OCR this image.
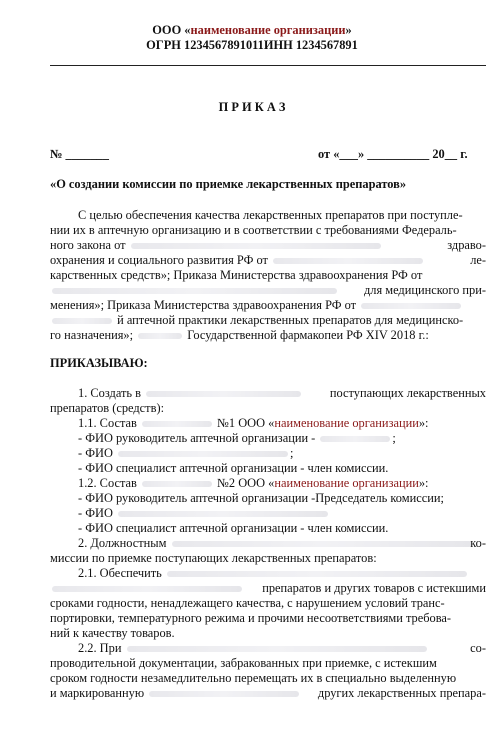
ООО «наименование организации»
ОГРН 1234567891011ИНН 1234567891
П Р И К А З
№ _______	от «___» __________ 20__ г.
«О создании комиссии по приемке лекарственных препаратов»
С целью обеспечения качества лекарственных препаратов при поступле-
нии их в аптечную организацию и в соответствии с требованиями Федераль-
ного закона от	здраво-
охранения и социального развития РФ от	ле-
карственных средств»; Приказа Министерства здравоохранения РФ от
для медицинского при-
менения»; Приказа Министерства здравоохранения РФ от
й аптечной практики лекарственных препаратов для медицинско-
го назначения»;	Государственной фармакопеи РФ XIV 2018 г.:
ПРИКАЗЫВАЮ:
1. Создать в	поступающих лекарственных
препаратов (средств):
1.1. Состав	№1 ООО «наименование организации»:
- ФИО руководитель аптечной организации -	;
- ФИО	;
- ФИО специалист аптечной организации - член комиссии.
1.2. Состав	№2 ООО «наименование организации»:
- ФИО руководитель аптечной организации -Председатель комиссии;
- ФИО
- ФИО специалист аптечной организации - член комиссии.
2. Должностным	ко-
миссии по приемке поступающих лекарственных препаратов:
2.1. Обеспечить
препаратов и других товаров с истекшими
сроками годности, ненадлежащего качества, с нарушением условий транс-
портировки, температурного режима и прочими несоответствиями требова-
ний к качеству товаров.
2.2. При	со-
проводительной документации, забракованных при приемке, с истекшим
сроком годности незамедлительно перемещать их в специально выделенную
и маркированную	других лекарственных препара-
